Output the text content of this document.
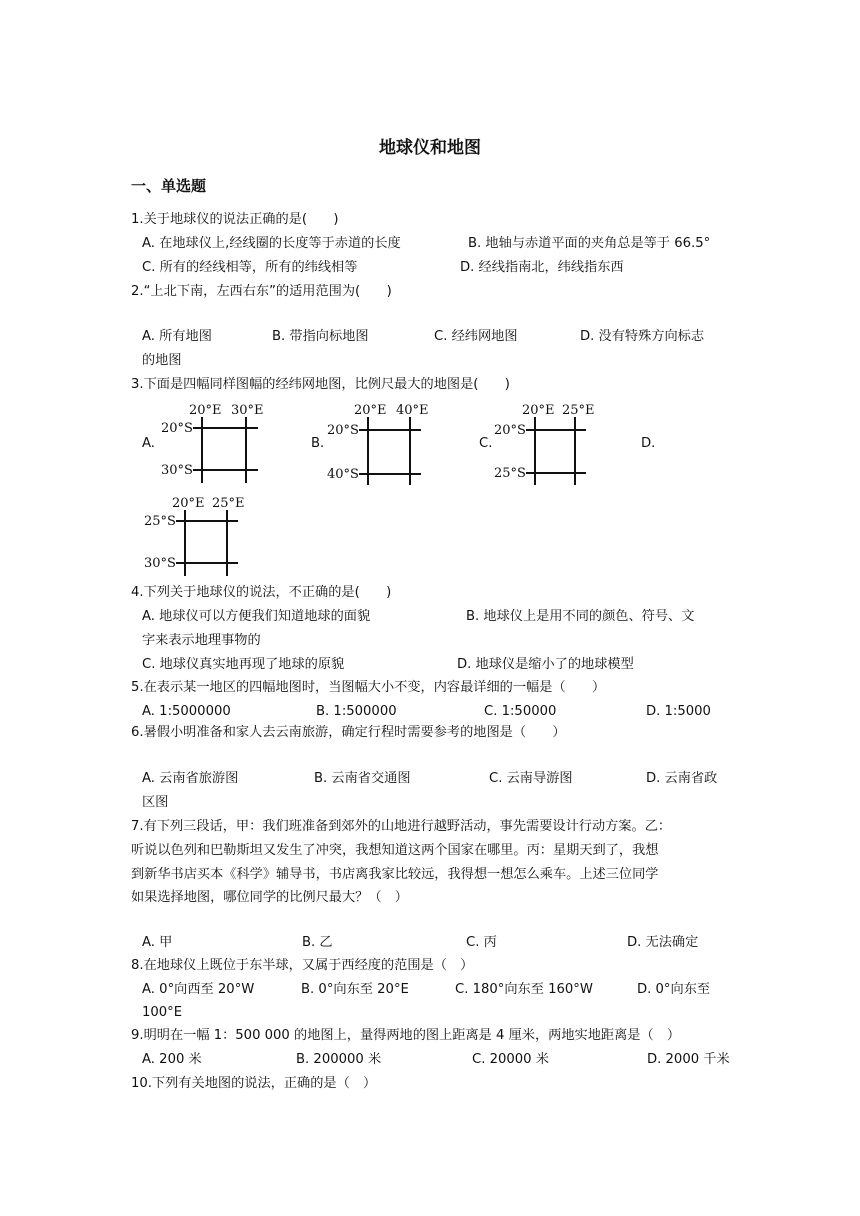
地球仪和地图
一、单选题
1.关于地球仪的说法正确的是(　　)
A. 在地球仪上,经线圈的长度等于赤道的长度	B. 地轴与赤道平面的夹角总是等于 66.5°
C. 所有的经线相等，所有的纬线相等	D. 经线指南北，纬线指东西
2.“上北下南，左西右东”的适用范围为(　　)
A. 所有地图	B. 带指向标地图	C. 经纬网地图	D. 没有特殊方向标志
的地图
3.下面是四幅同样图幅的经纬网地图，比例尺最大的地图是(　　)
A.	B.	C.	D.
20°E 30°E
20°S
30°S
20°E 40°E
20°S
40°S
20°E 25°E
20°S
25°S
20°E 25°E
25°S
30°S
4.下列关于地球仪的说法，不正确的是(　　)
A. 地球仪可以方便我们知道地球的面貌	B. 地球仪上是用不同的颜色、符号、文
字来表示地理事物的
C. 地球仪真实地再现了地球的原貌	D. 地球仪是缩小了的地球模型
5.在表示某一地区的四幅地图时，当图幅大小不变，内容最详细的一幅是（　　）
A. 1:5000000	B. 1:500000	C. 1:50000	D. 1:5000
6.暑假小明准备和家人去云南旅游，确定行程时需要参考的地图是（　　）
A. 云南省旅游图	B. 云南省交通图	C. 云南导游图	D. 云南省政
区图
7.有下列三段话，甲：我们班准备到郊外的山地进行越野活动，事先需要设计行动方案。乙：
听说以色列和巴勒斯坦又发生了冲突，我想知道这两个国家在哪里。丙：星期天到了，我想
到新华书店买本《科学》辅导书，书店离我家比较远，我得想一想怎么乘车。上述三位同学
如果选择地图，哪位同学的比例尺最大？（　）
A. 甲	B. 乙	C. 丙	D. 无法确定
8.在地球仪上既位于东半球，又属于西经度的范围是（　）
A. 0°向西至 20°W	B. 0°向东至 20°E	C. 180°向东至 160°W	D. 0°向东至
100°E
9.明明在一幅 1：500 000 的地图上，量得两地的图上距离是 4 厘米，两地实地距离是（　）
A. 200 米	B. 200000 米	C. 20000 米	D. 2000 千米
10.下列有关地图的说法，正确的是（　）
